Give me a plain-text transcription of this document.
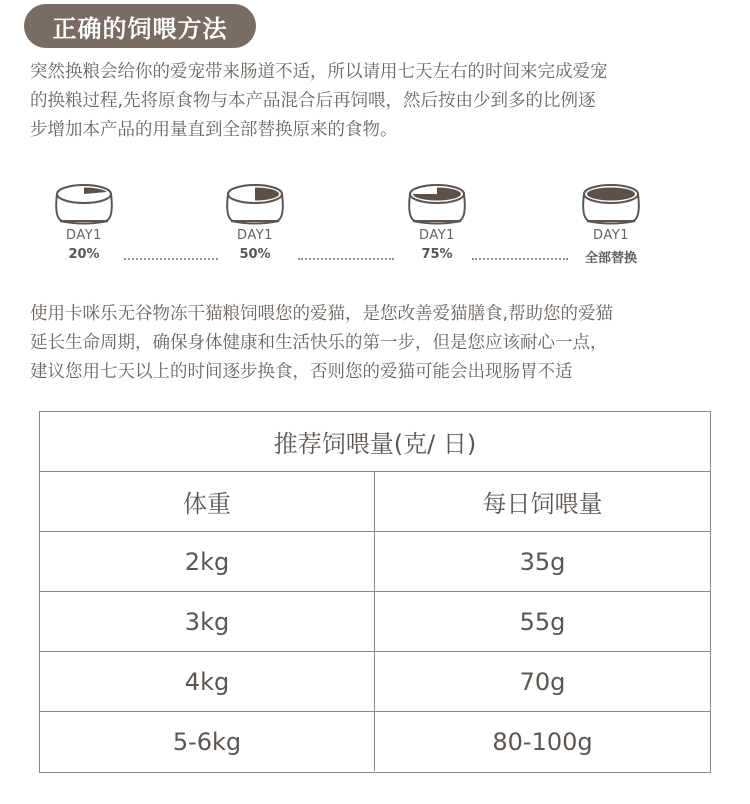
正确的饲喂方法

突然换粮会给你的爱宠带来肠道不适，所以请用七天左右的时间来完成爱宠
的换粮过程,先将原食物与本产品混合后再饲喂，然后按由少到多的比例逐
步增加本产品的用量直到全部替换原来的食物。

DAY1
20%
DAY1
50%
DAY1
75%
DAY1
全部替换

使用卡咪乐无谷物冻干猫粮饲喂您的爱猫，是您改善爱猫膳食,帮助您的爱猫
延长生命周期，确保身体健康和生活快乐的第一步，但是您应该耐心一点，
建议您用七天以上的时间逐步换食，否则您的爱猫可能会出现肠胃不适

推荐饲喂量(克/ 日)
体重	每日饲喂量
2kg	35g
3kg	55g
4kg	70g
5-6kg	80-100g
